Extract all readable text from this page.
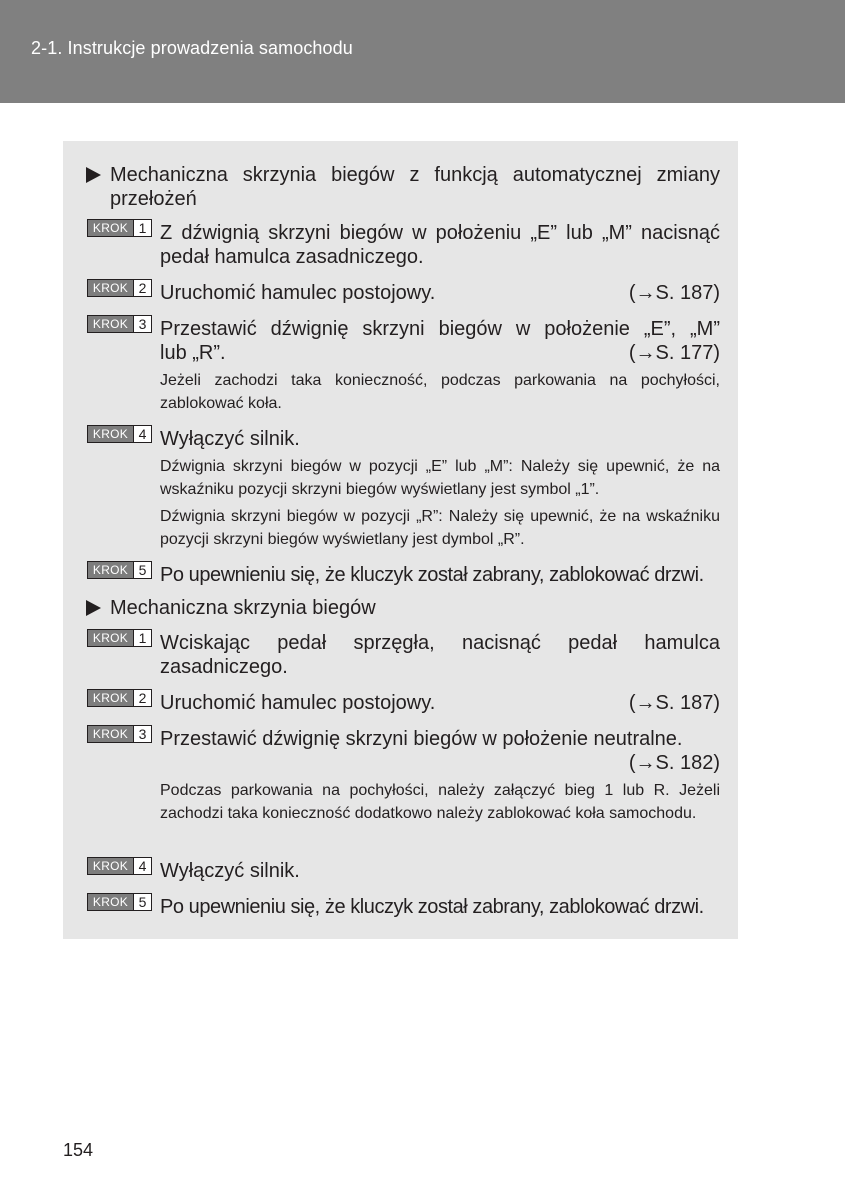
2-1. Instrukcje prowadzenia samochodu
Mechaniczna skrzynia biegów z funkcją automatycznej zmiany przełożeń
KROK 1 Z dźwignią skrzyni biegów w położeniu „E” lub „M” nacisnąć pedał hamulca zasadniczego.
KROK 2 Uruchomić hamulec postojowy.	(→S. 187)
KROK 3 Przestawić dźwignię skrzyni biegów w położenie „E”, „M”
lub „R”.	(→S. 177)
Jeżeli zachodzi taka konieczność, podczas parkowania na pochyłości, zablokować koła.
KROK 4 Wyłączyć silnik.
Dźwignia skrzyni biegów w pozycji „E” lub „M”: Należy się upewnić, że na wskaźniku pozycji skrzyni biegów wyświetlany jest symbol „1”.
Dźwignia skrzyni biegów w pozycji „R”: Należy się upewnić, że na wskaźniku pozycji skrzyni biegów wyświetlany jest dymbol „R”.
KROK 5 Po upewnieniu się, że kluczyk został zabrany, zablokować drzwi.
Mechaniczna skrzynia biegów
KROK 1 Wciskając pedał sprzęgła, nacisnąć pedał hamulca zasadniczego.
KROK 2 Uruchomić hamulec postojowy.	(→S. 187)
KROK 3 Przestawić dźwignię skrzyni biegów w położenie neutralne.
(→S. 182)
Podczas parkowania na pochyłości, należy załączyć bieg 1 lub R. Jeżeli zachodzi taka konieczność dodatkowo należy zablokować koła samochodu.
KROK 4 Wyłączyć silnik.
KROK 5 Po upewnieniu się, że kluczyk został zabrany, zablokować drzwi.
154
